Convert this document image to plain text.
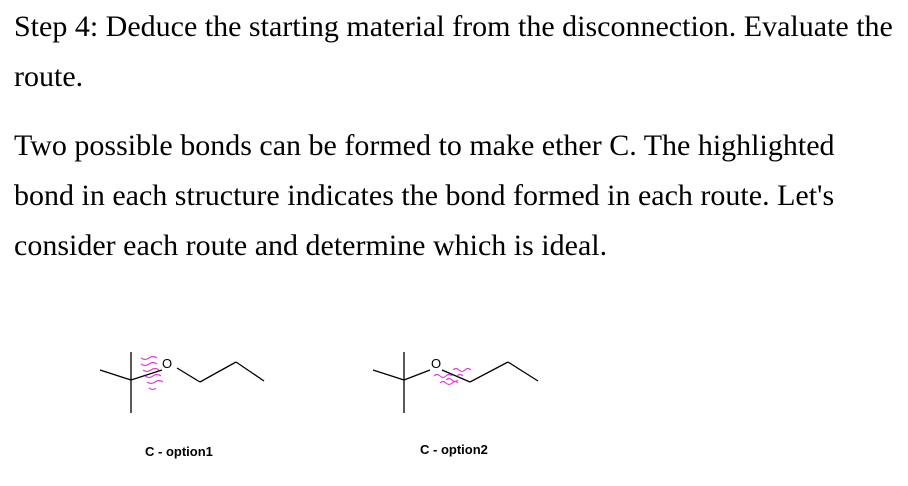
Step 4: Deduce the starting material from the disconnection. Evaluate the route.

Two possible bonds can be formed to make ether C. The highlighted bond in each structure indicates the bond formed in each route. Let's consider each route and determine which is ideal.

O	O
C - option1	C - option2
